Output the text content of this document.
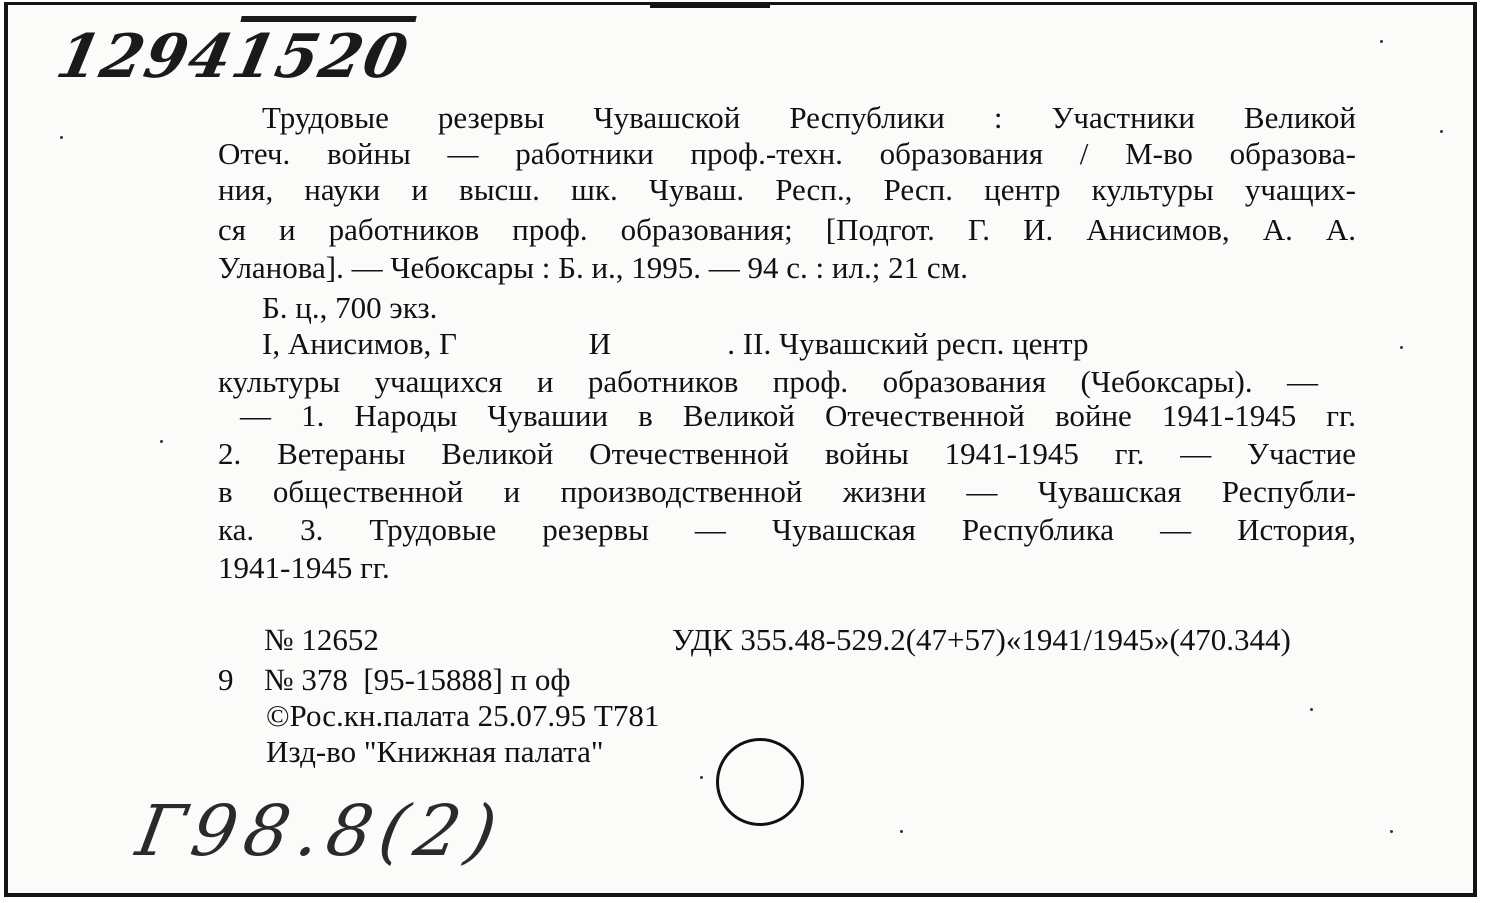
12941520
Трудовые резервы Чувашской Республики : Участники Великой
Отеч. войны — работники проф.-техн. образования / М-во образова-
ния, науки и высш. шк. Чуваш. Респ., Респ. центр культуры учащих-
ся и работников проф. образования; [Подгот. Г. И. Анисимов, А. А.
Уланова]. — Чебоксары : Б. и., 1995. — 94 с. : ил.; 21 см.
Б. ц., 700 экз.
I, Анисимов, Г                 И               . II. Чувашский респ. центр
культуры учащихся и работников проф. образования (Чебоксары). —
— 1. Народы Чувашии в Великой Отечественной войне 1941-1945 гг.
2. Ветераны Великой Отечественной войны 1941-1945 гг. — Участие
в общественной и производственной жизни — Чувашская Республи-
ка. 3. Трудовые резервы — Чувашская Республика — История,
1941-1945 гг.
№ 12652	УДК 355.48-529.2(47+57)«1941/1945»(470.344)
9 № 378  [95-15888] п оф
©Рос.кн.палата 25.07.95 Т781
Изд-во "Книжная палата"
Г98.8(2)
